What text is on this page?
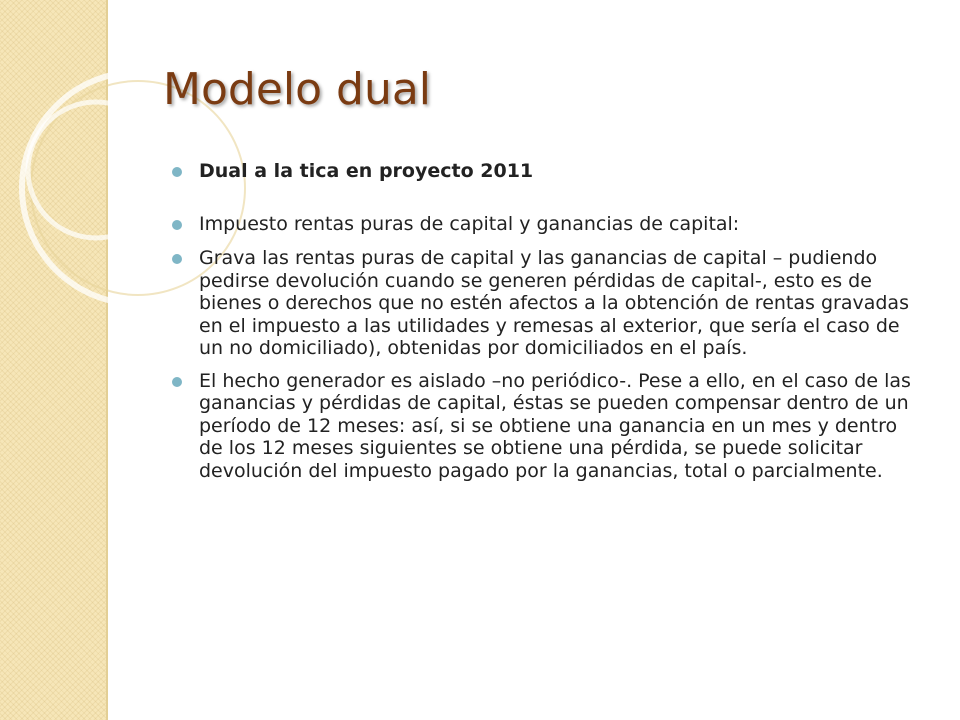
Modelo dual
Dual a la tica en proyecto 2011
Impuesto rentas puras de capital y ganancias de capital:
Grava las rentas puras de capital y las ganancias de capital – pudiendo pedirse devolución cuando se generen pérdidas de capital-, esto es de bienes o derechos que no estén afectos a la obtención de rentas gravadas en el impuesto a las utilidades y remesas al exterior, que sería el caso de un no domiciliado), obtenidas por domiciliados en el país.
El hecho generador es aislado –no periódico-. Pese a ello, en el caso de las ganancias y pérdidas de capital, éstas se pueden compensar dentro de un período de 12 meses: así, si se obtiene una ganancia en un mes y dentro de los 12 meses siguientes se obtiene una pérdida, se puede solicitar devolución del impuesto pagado por la ganancias, total o parcialmente.
